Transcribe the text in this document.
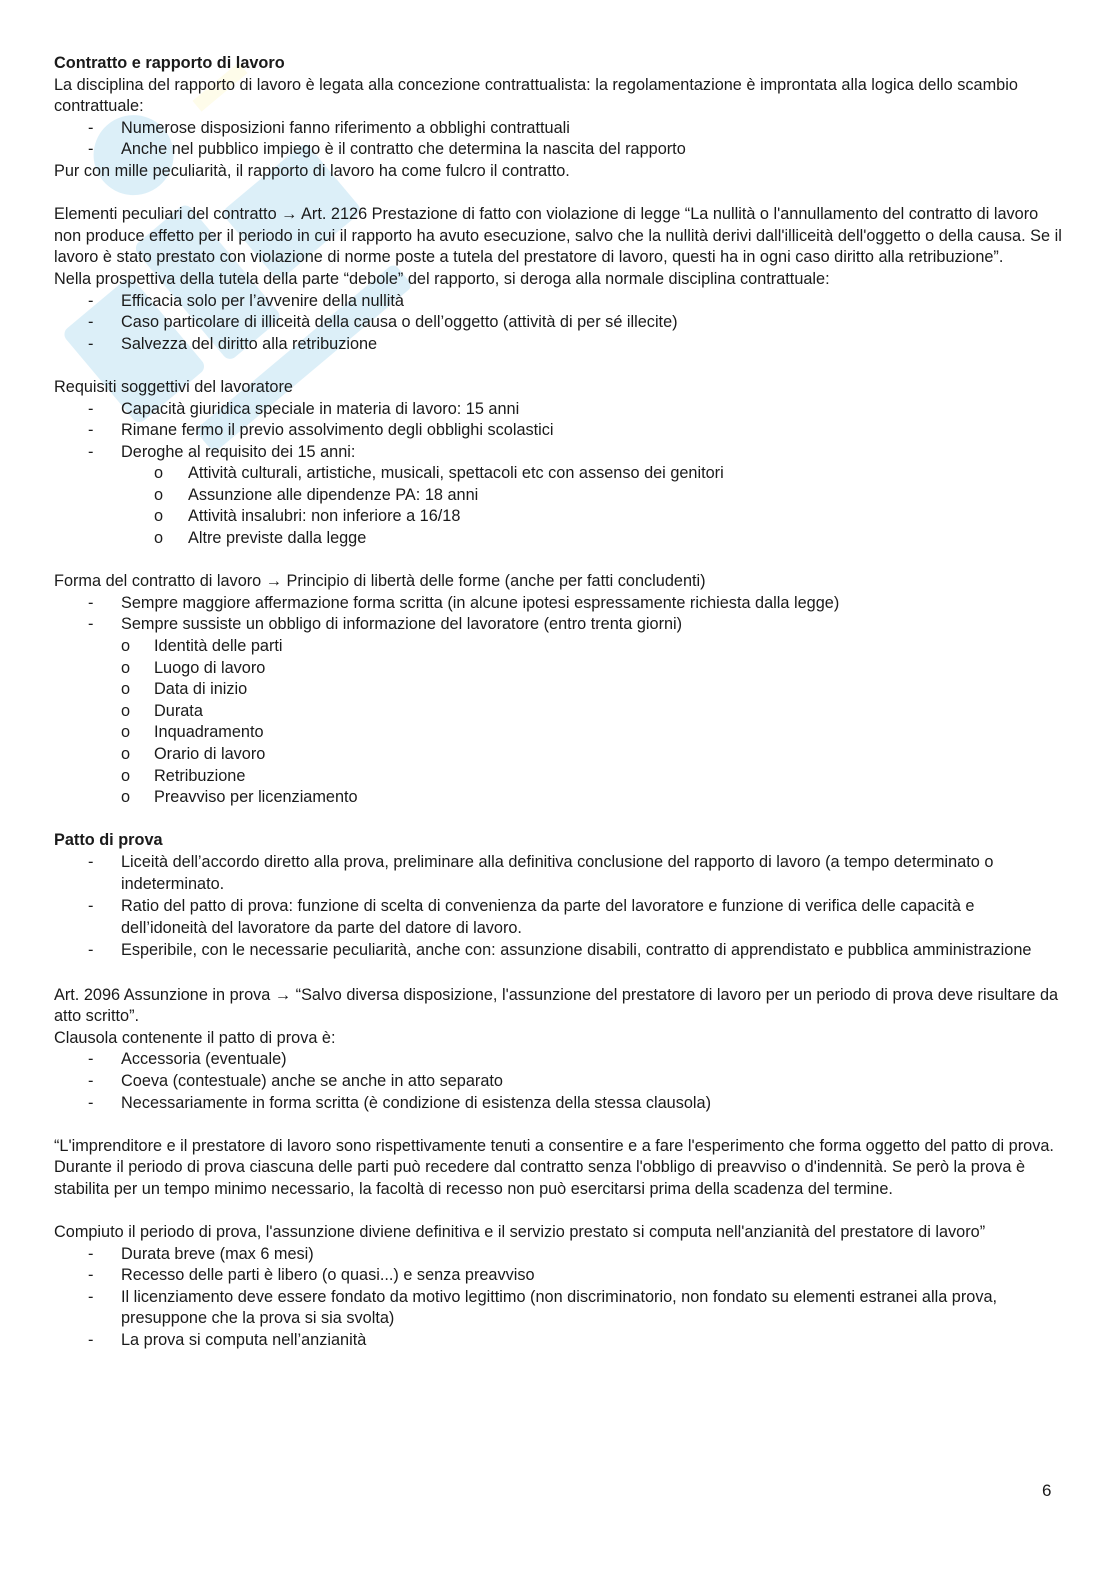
Contratto e rapporto di lavoro

La disciplina del rapporto di lavoro è legata alla concezione contrattualista: la regolamentazione è improntata alla logica dello scambio contrattuale:

- Numerose disposizioni fanno riferimento a obblighi contrattuali
- Anche nel pubblico impiego è il contratto che determina la nascita del rapporto

Pur con mille peculiarità, il rapporto di lavoro ha come fulcro il contratto.

Elementi peculiari del contratto → Art. 2126 Prestazione di fatto con violazione di legge “La nullità o l'annullamento del contratto di lavoro non produce effetto per il periodo in cui il rapporto ha avuto esecuzione, salvo che la nullità derivi dall'illiceità dell'oggetto o della causa. Se il lavoro è stato prestato con violazione di norme poste a tutela del prestatore di lavoro, questi ha in ogni caso diritto alla retribuzione”.

Nella prospettiva della tutela della parte “debole” del rapporto, si deroga alla normale disciplina contrattuale:

- Efficacia solo per l’avvenire della nullità
- Caso particolare di illiceità della causa o dell’oggetto (attività di per sé illecite)
- Salvezza del diritto alla retribuzione

Requisiti soggettivi del lavoratore

- Capacità giuridica speciale in materia di lavoro: 15 anni
- Rimane fermo il previo assolvimento degli obblighi scolastici
- Deroghe al requisito dei 15 anni:
o Attività culturali, artistiche, musicali, spettacoli etc con assenso dei genitori
o Assunzione alle dipendenze PA: 18 anni
o Attività insalubri: non inferiore a 16/18
o Altre previste dalla legge

Forma del contratto di lavoro → Principio di libertà delle forme (anche per fatti concludenti)

- Sempre maggiore affermazione forma scritta (in alcune ipotesi espressamente richiesta dalla legge)
- Sempre sussiste un obbligo di informazione del lavoratore (entro trenta giorni)
o Identità delle parti
o Luogo di lavoro
o Data di inizio
o Durata
o Inquadramento
o Orario di lavoro
o Retribuzione
o Preavviso per licenziamento

Patto di prova

- Liceità dell’accordo diretto alla prova, preliminare alla definitiva conclusione del rapporto di lavoro (a tempo determinato o indeterminato.
- Ratio del patto di prova: funzione di scelta di convenienza da parte del lavoratore e funzione di verifica delle capacità e dell’idoneità del lavoratore da parte del datore di lavoro.
- Esperibile, con le necessarie peculiarità, anche con: assunzione disabili, contratto di apprendistato e pubblica amministrazione

Art. 2096 Assunzione in prova → “Salvo diversa disposizione, l'assunzione del prestatore di lavoro per un periodo di prova deve risultare da atto scritto”.

Clausola contenente il patto di prova è:

- Accessoria (eventuale)
- Coeva (contestuale) anche se anche in atto separato
- Necessariamente in forma scritta (è condizione di esistenza della stessa clausola)

“L'imprenditore e il prestatore di lavoro sono rispettivamente tenuti a consentire e a fare l'esperimento che forma oggetto del patto di prova. Durante il periodo di prova ciascuna delle parti può recedere dal contratto senza l'obbligo di preavviso o d'indennità. Se però la prova è stabilita per un tempo minimo necessario, la facoltà di recesso non può esercitarsi prima della scadenza del termine.

Compiuto il periodo di prova, l'assunzione diviene definitiva e il servizio prestato si computa nell'anzianità del prestatore di lavoro”

- Durata breve (max 6 mesi)
- Recesso delle parti è libero (o quasi...) e senza preavviso
- Il licenziamento deve essere fondato da motivo legittimo (non discriminatorio, non fondato su elementi estranei alla prova, presuppone che la prova si sia svolta)
- La prova si computa nell’anzianità
6
